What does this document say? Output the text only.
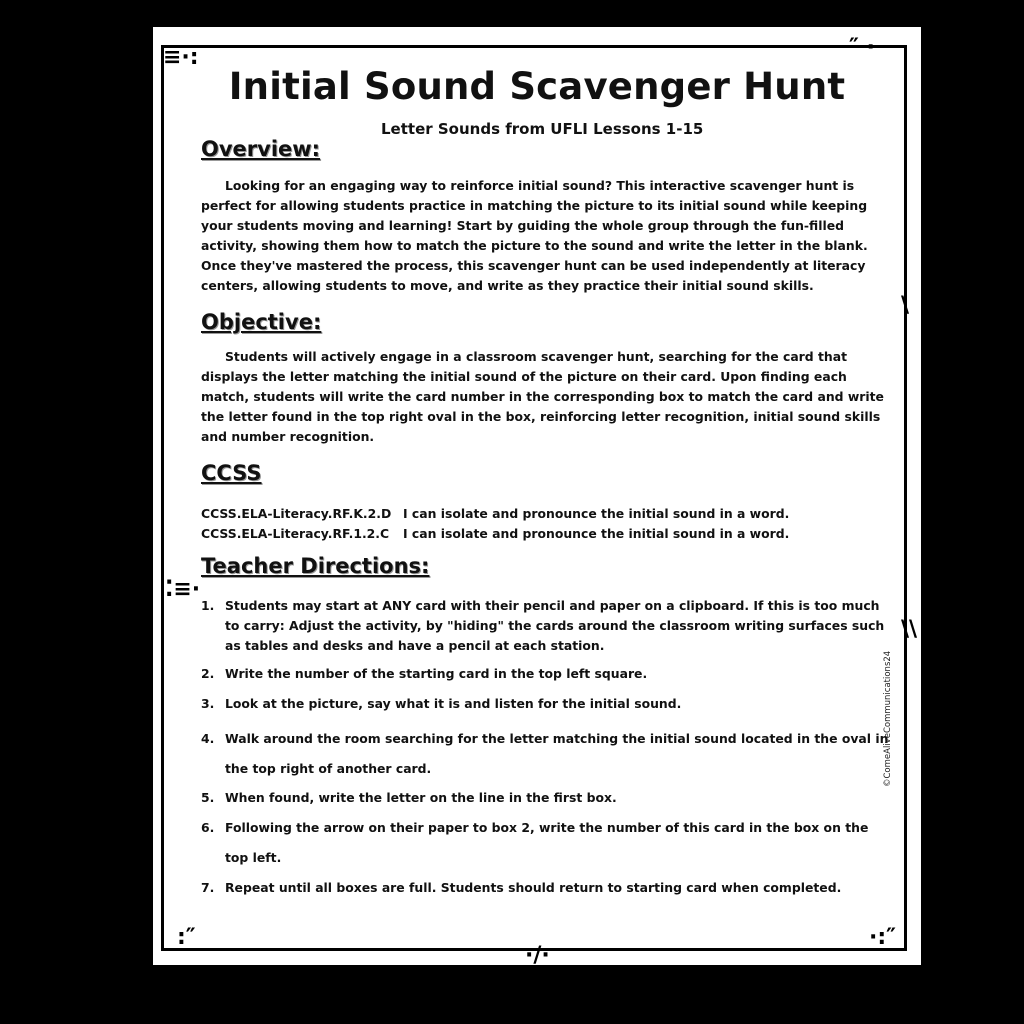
≡·:	″ ·
⁚≡·
\
\\
:″
·/·
·:″
Initial Sound Scavenger Hunt
Letter Sounds from UFLI Lessons 1-15
Overview:
Looking for an engaging way to reinforce initial sound? This interactive scavenger hunt is perfect for allowing students practice in matching the picture to its initial sound while keeping your students moving and learning! Start by guiding the whole group through the fun-filled activity, showing them how to match the picture to the sound and write the letter in the blank. Once they've mastered the process, this scavenger hunt can be used independently at literacy centers, allowing students to move, and write as they practice their initial sound skills.
Objective:
Students will actively engage in a classroom scavenger hunt, searching for the card that displays the letter matching the initial sound of the picture on their card. Upon finding each match, students will write the card number in the corresponding box to match the card and write the letter found in the top right oval in the box, reinforcing letter recognition, initial sound skills and number recognition.
CCSS
CCSS.ELA-Literacy.RF.K.2.D I can isolate and pronounce the initial sound in a word.
CCSS.ELA-Literacy.RF.1.2.C I can isolate and pronounce the initial sound in a word.
Teacher Directions:
1. Students may start at ANY card with their pencil and paper on a clipboard. If this is too much to carry: Adjust the activity, by "hiding" the cards around the classroom writing surfaces such as tables and desks and have a pencil at each station.
2. Write the number of the starting card in the top left square.
3. Look at the picture, say what it is and listen for the initial sound.
4. Walk around the room searching for the letter matching the initial sound located in the oval in the top right of another card.
5. When found, write the letter on the line in the first box.
6. Following the arrow on their paper to box 2, write the number of this card in the box on the top left.
7. Repeat until all boxes are full. Students should return to starting card when completed.
©ComeAliveCommunications24
